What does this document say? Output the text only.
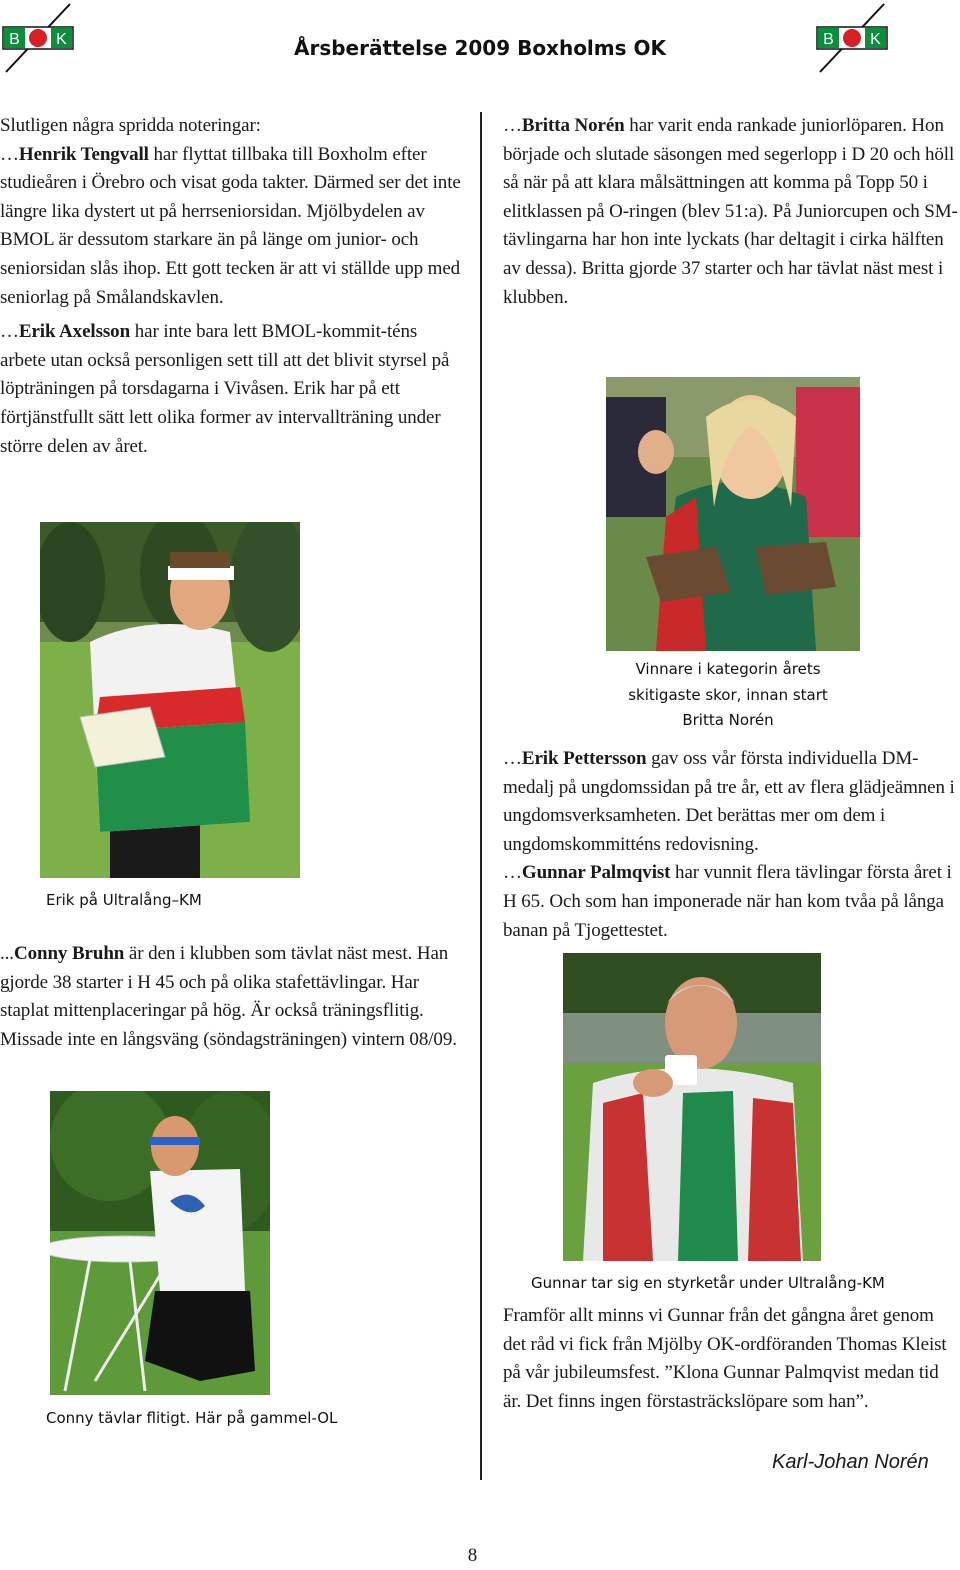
B K	B K
Årsberättelse 2009 Boxholms OK

Slutligen några spridda noteringar:
…Henrik Tengvall har flyttat tillbaka till Boxholm efter studieåren i Örebro och visat goda takter. Därmed ser det inte längre lika dystert ut på herrseniorsidan. Mjölbydelen av BMOL är dessutom starkare än på länge om junior- och seniorsidan slås ihop. Ett gott tecken är att vi ställde upp med seniorlag på Smålandskavlen.

…Erik Axelsson har inte bara lett BMOL-kommit-téns arbete utan också personligen sett till att det blivit styrsel på löpträningen på torsdagarna i Vivåsen. Erik har på ett förtjänstfullt sätt lett olika former av intervallträning under större delen av året.

Erik på Ultralång–KM

...Conny Bruhn är den i klubben som tävlat näst mest. Han gjorde 38 starter i H 45 och på olika stafettävlingar. Har staplat mittenplaceringar på hög. Är också träningsflitig. Missade inte en långsväng (söndagsträningen) vintern 08/09.

Conny tävlar flitigt. Här på gammel-OL

…Britta Norén har varit enda rankade juniorlöparen. Hon började och slutade säsongen med segerlopp i D 20 och höll så när på att klara målsättningen att komma på Topp 50 i elitklassen på O-ringen (blev 51:a). På Juniorcupen och SM-tävlingarna har hon inte lyckats (har deltagit i cirka hälften av dessa). Britta gjorde 37 starter och har tävlat näst mest i klubben.

Vinnare i kategorin årets
skitigaste skor, innan start
Britta Norén

…Erik Pettersson gav oss vår första individuella DM-medalj på ungdomssidan på tre år, ett av flera glädjeämnen i ungdomsverksamheten. Det berättas mer om dem i ungdomskommitténs redovisning.

…Gunnar Palmqvist har vunnit flera tävlingar första året i H 65. Och som han imponerade när han kom tvåa på långa banan på Tjogettestet.

Gunnar tar sig en styrketår under Ultralång-KM

Framför allt minns vi Gunnar från det gångna året genom det råd vi fick från Mjölby OK-ordföranden Thomas Kleist på vår jubileumsfest. ”Klona Gunnar Palmqvist medan tid är. Det finns ingen förstasträckslöpare som han”.

Karl-Johan Norén
8
